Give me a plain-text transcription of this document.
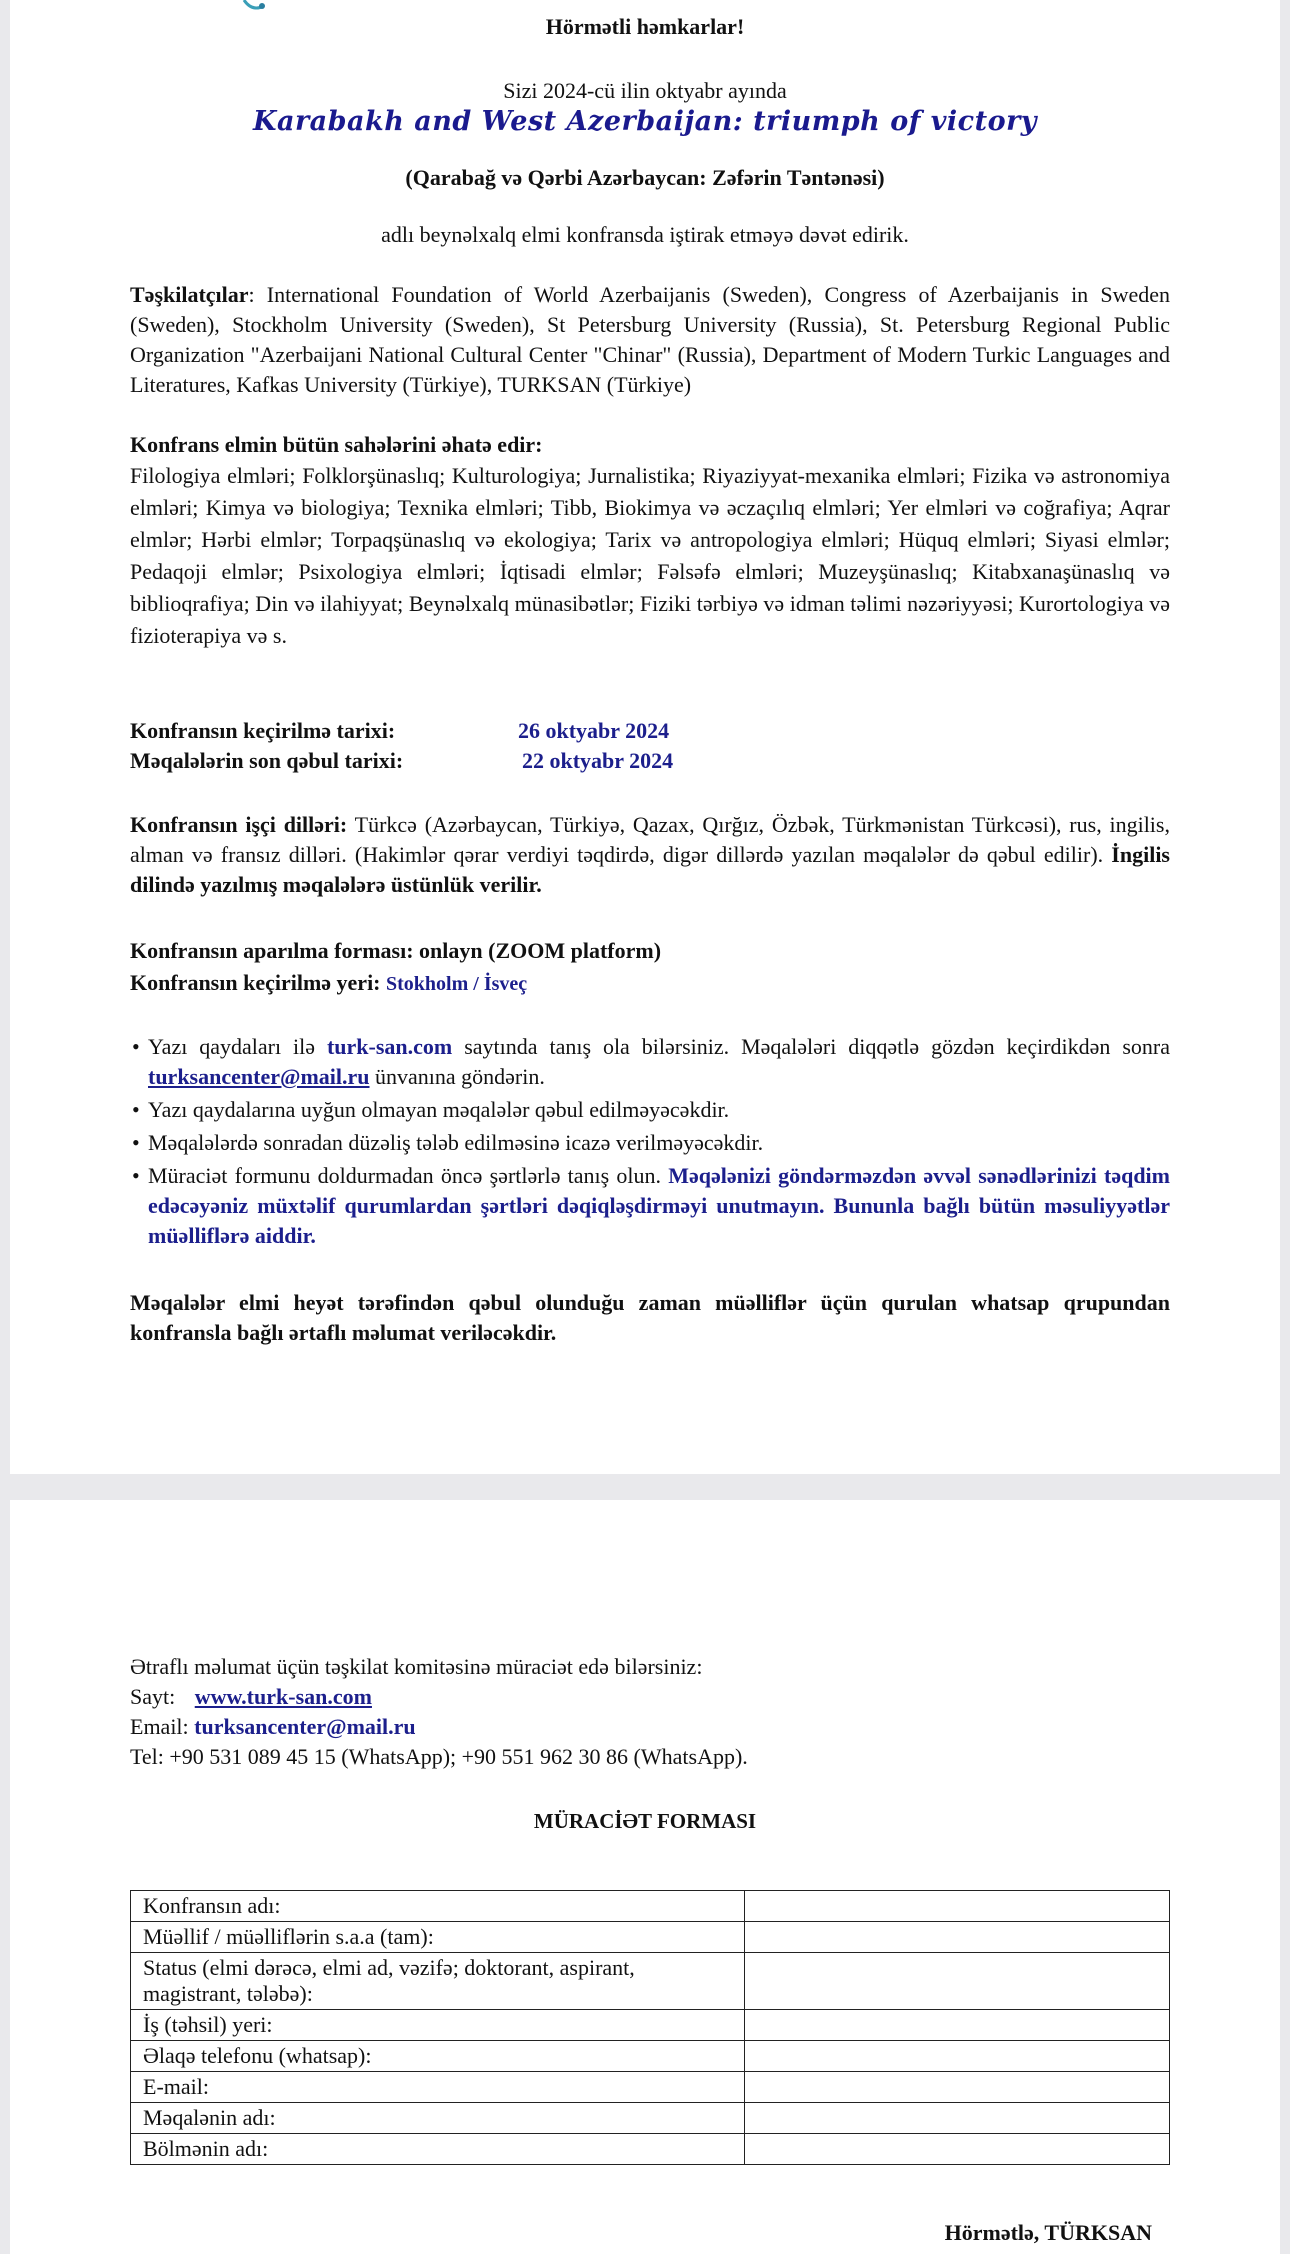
Hörmətli həmkarlar!
Sizi 2024-cü ilin oktyabr ayında
Karabakh and West Azerbaijan: triumph of victory
(Qarabağ və Qərbi Azərbaycan: Zəfərin Təntənəsi)
adlı beynəlxalq elmi konfransda iştirak etməyə dəvət edirik.
Təşkilatçılar: International Foundation of World Azerbaijanis (Sweden), Congress of Azerbaijanis in Sweden (Sweden), Stockholm University (Sweden), St Petersburg University (Russia), St. Petersburg Regional Public Organization "Azerbaijani National Cultural Center "Chinar" (Russia), Department of Modern Turkic Languages and Literatures, Kafkas University (Türkiye), TURKSAN (Türkiye)
Konfrans elmin bütün sahələrini əhatə edir:
Filologiya elmləri; Folklorşünaslıq; Kulturologiya; Jurnalistika; Riyaziyyat-mexanika elmləri; Fizika və astronomiya elmləri; Kimya və biologiya; Texnika elmləri; Tibb, Biokimya və əczaçılıq elmləri; Yer elmləri və coğrafiya; Aqrar elmlər; Hərbi elmlər; Torpaqşünaslıq və ekologiya; Tarix və antropologiya elmləri; Hüquq elmləri; Siyasi elmlər; Pedaqoji elmlər; Psixologiya elmləri; İqtisadi elmlər; Fəlsəfə elmləri; Muzeyşünaslıq; Kitabxanaşünaslıq və biblioqrafiya; Din və ilahiyyat; Beynəlxalq münasibətlər; Fiziki tərbiyə və idman təlimi nəzəriyyəsi; Kurortologiya və fizioterapiya və s.
Konfransın keçirilmə tarixi:	26 oktyabr 2024
Məqalələrin son qəbul tarixi:	22 oktyabr 2024
Konfransın işçi dilləri: Türkcə (Azərbaycan, Türkiyə, Qazax, Qırğız, Özbək, Türkmənistan Türkcəsi), rus, ingilis, alman və fransız dilləri. (Hakimlər qərar verdiyi təqdirdə, digər dillərdə yazılan məqalələr də qəbul edilir). İngilis dilində yazılmış məqalələrə üstünlük verilir.
Konfransın aparılma forması: onlayn (ZOOM platform)
Konfransın keçirilmə yeri: Stokholm / İsveç
• Yazı qaydaları ilə turk-san.com saytında tanış ola bilərsiniz. Məqalələri diqqətlə gözdən keçirdikdən sonra turksancenter@mail.ru ünvanına göndərin.
• Yazı qaydalarına uyğun olmayan məqalələr qəbul edilməyəcəkdir.
• Məqalələrdə sonradan düzəliş tələb edilməsinə icazə verilməyəcəkdir.
• Müraciət formunu doldurmadan öncə şərtlərlə tanış olun. Məqələnizi göndərməzdən əvvəl sənədlərinizi təqdim edəcəyəniz müxtəlif qurumlardan şərtləri dəqiqləşdirməyi unutmayın. Bununla bağlı bütün məsuliyyətlər müəlliflərə aiddir.
Məqalələr elmi heyət tərəfindən qəbul olunduğu zaman müəlliflər üçün qurulan whatsap qrupundan konfransla bağlı ərtaflı məlumat veriləcəkdir.
Ətraflı məlumat üçün təşkilat komitəsinə müraciət edə bilərsiniz:
Sayt: www.turk-san.com
Email: turksancenter@mail.ru
Tel: +90 531 089 45 15 (WhatsApp); +90 551 962 30 86 (WhatsApp).
MÜRACİƏT FORMASI
Konfransın adı:	
Müəllif / müəlliflərin s.a.a (tam):	
Status (elmi dərəcə, elmi ad, vəzifə; doktorant, aspirant, magistrant, tələbə):	
İş (təhsil) yeri:	
Əlaqə telefonu (whatsap):	
E-mail:	
Məqalənin adı:	
Bölmənin adı:	
Hörmətlə, TÜRKSAN
